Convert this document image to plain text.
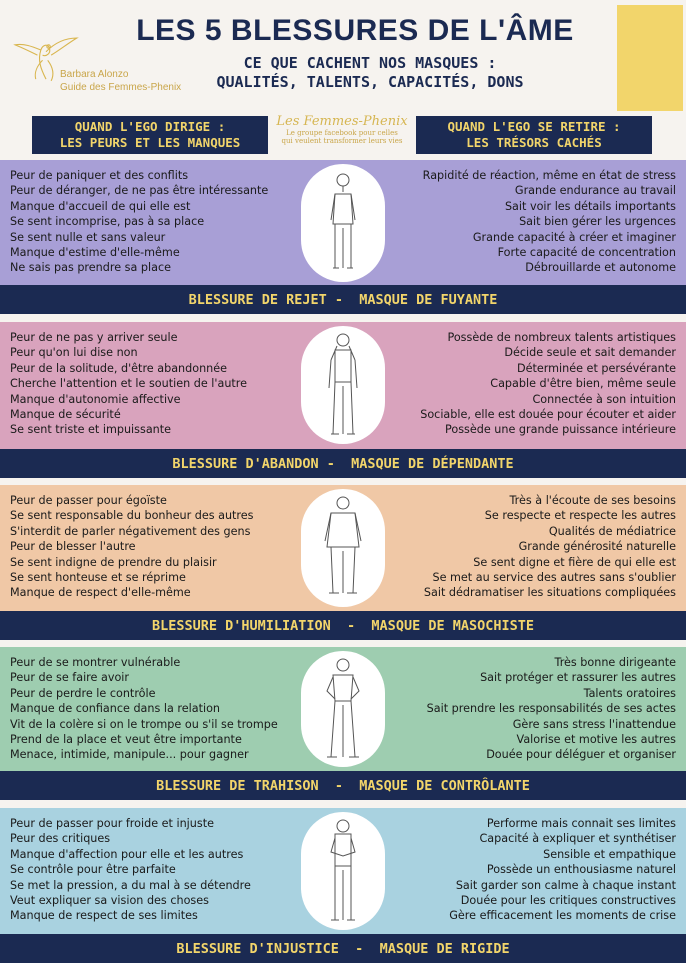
Barbara Alonzo
Guide des Femmes-Phenix
LES 5 BLESSURES DE L'ÂME
CE QUE CACHENT NOS MASQUES :
QUALITÉS, TALENTS, CAPACITÉS, DONS
QUAND L'EGO DIRIGE :
LES PEURS ET LES MANQUES
Les Femmes-Phenix
Le groupe facebook pour celles
qui veulent transformer leurs vies
QUAND L'EGO SE RETIRE :
LES TRÉSORS CACHÉS
Peur de paniquer et des conflits
Peur de déranger, de ne pas être intéressante
Manque d'accueil de qui elle est
Se sent incomprise, pas à sa place
Se sent nulle et sans valeur
Manque d'estime d'elle-même
Ne sais pas prendre sa place
Rapidité de réaction, même en état de stress
Grande endurance au travail
Sait voir les détails importants
Sait bien gérer les urgences
Grande capacité à créer et imaginer
Forte capacité de concentration
Débrouillarde et autonome
BLESSURE DE REJET -  MASQUE DE FUYANTE
Peur de ne pas y arriver seule
Peur qu'on lui dise non
Peur de la solitude, d'être abandonnée
Cherche l'attention et le soutien de l'autre
Manque d'autonomie affective
Manque de sécurité
Se sent triste et impuissante
Possède de nombreux talents artistiques
Décide seule et sait demander
Déterminée et persévérante
Capable d'être bien, même seule
Connectée à son intuition
Sociable, elle est douée pour écouter et aider
Possède une grande puissance intérieure
BLESSURE D'ABANDON -  MASQUE DE DÉPENDANTE
Peur de passer pour égoïste
Se sent responsable du bonheur des autres
S'interdit de parler négativement des gens
Peur de blesser l'autre
Se sent indigne de prendre du plaisir
Se sent honteuse et se réprime
Manque de respect d'elle-même
Très à l'écoute de ses besoins
Se respecte et respecte les autres
Qualités de médiatrice
Grande générosité naturelle
Se sent digne et fière de qui elle est
Se met au service des autres sans s'oublier
Sait dédramatiser les situations compliquées
BLESSURE D'HUMILIATION  -  MASQUE DE MASOCHISTE
Peur de se montrer vulnérable
Peur de se faire avoir
Peur de perdre le contrôle
Manque de confiance dans la relation
Vit de la colère si on le trompe ou s'il se trompe
Prend de la place et veut être importante
Menace, intimide, manipule... pour gagner
Très bonne dirigeante
Sait protéger et rassurer les autres
Talents oratoires
Sait prendre les responsabilités de ses actes
Gère sans stress l'inattendue
Valorise et motive les autres
Douée pour déléguer et organiser
BLESSURE DE TRAHISON  -  MASQUE DE CONTRÔLANTE
Peur de passer pour froide et injuste
Peur des critiques
Manque d'affection pour elle et les autres
Se contrôle pour être parfaite
Se met la pression, a du mal à se détendre
Veut expliquer sa vision des choses
Manque de respect de ses limites
Performe mais connait ses limites
Capacité à expliquer et synthétiser
Sensible et empathique
Possède un enthousiasme naturel
Sait garder son calme à chaque instant
Douée pour les critiques constructives
Gère efficacement les moments de crise
BLESSURE D'INJUSTICE  -  MASQUE DE RIGIDE
